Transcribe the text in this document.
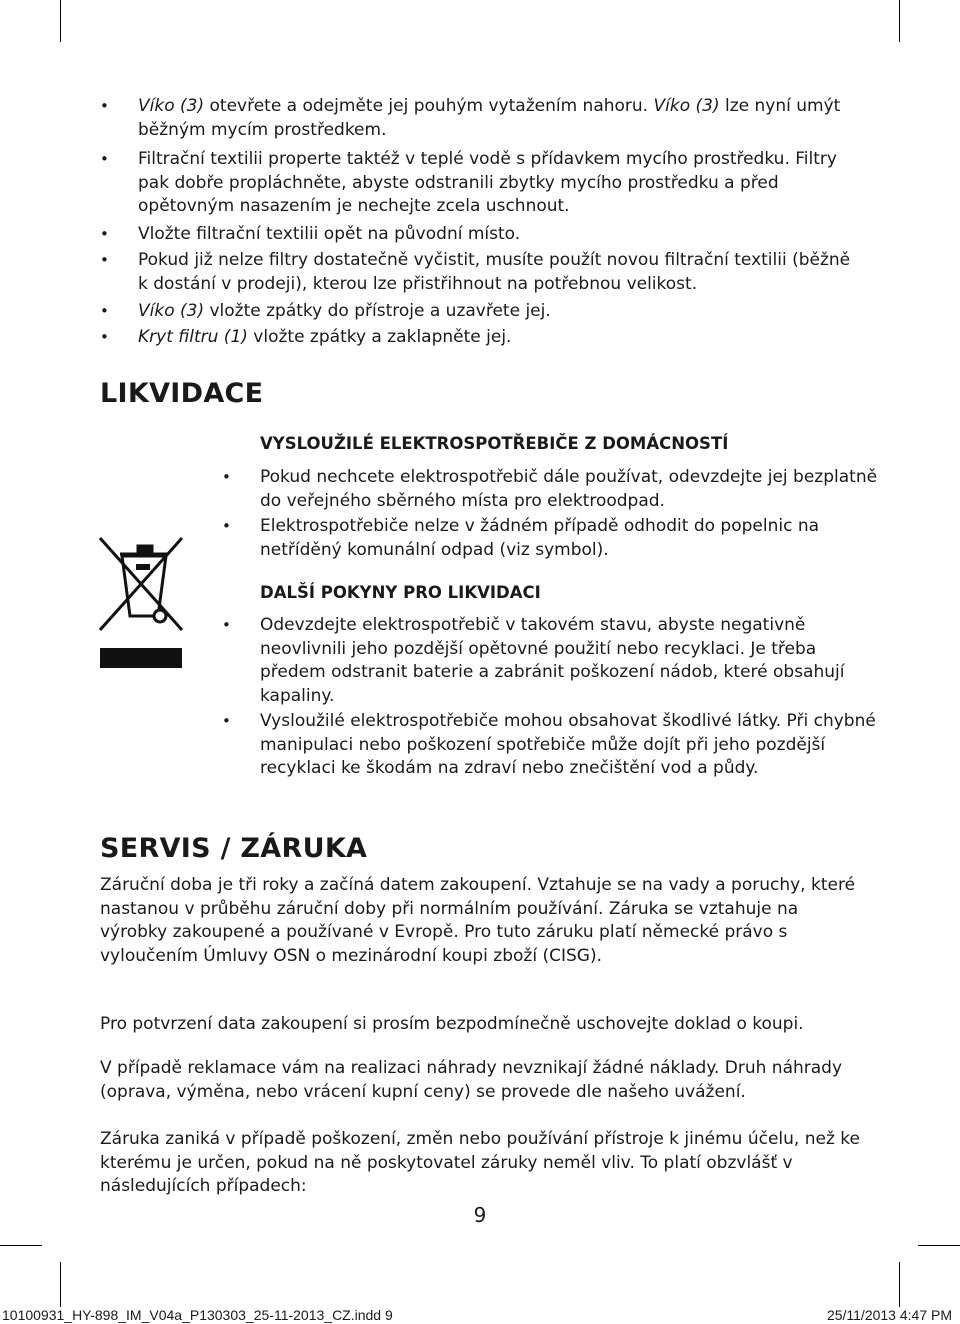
• Víko (3) otevřete a odejměte jej pouhým vytažením nahoru. Víko (3) lze nyní umýt běžným mycím prostředkem.
• Filtrační textilii properte taktéž v teplé vodě s přídavkem mycího prostředku. Filtry pak dobře propláchněte, abyste odstranili zbytky mycího prostředku a před opětovným nasazením je nechejte zcela uschnout.
• Vložte filtrační textilii opět na původní místo.
• Pokud již nelze filtry dostatečně vyčistit, musíte použít novou filtrační textilii (běžně k dostání v prodeji), kterou lze přistřihnout na potřebnou velikost.
• Víko (3) vložte zpátky do přístroje a uzavřete jej.
• Kryt filtru (1) vložte zpátky a zaklapněte jej.
LIKVIDACE
VYSLOUŽILÉ ELEKTROSPOTŘEBIČE Z DOMÁCNOSTÍ
• Pokud nechcete elektrospotřebič dále používat, odevzdejte jej bezplatně do veřejného sběrného místa pro elektroodpad.
• Elektrospotřebiče nelze v žádném případě odhodit do popelnic na netříděný komunální odpad (viz symbol).
DALŠÍ POKYNY PRO LIKVIDACI
• Odevzdejte elektrospotřebič v takovém stavu, abyste negativně neovlivnili jeho pozdější opětovné použití nebo recyklaci. Je třeba předem odstranit baterie a zabránit poškození nádob, které obsahují kapaliny.
• Vysloužilé elektrospotřebiče mohou obsahovat škodlivé látky. Při chybné manipulaci nebo poškození spotřebiče může dojít při jeho pozdější recyklaci ke škodám na zdraví nebo znečištění vod a půdy.
SERVIS / ZÁRUKA
Záruční doba je tři roky a začíná datem zakoupení. Vztahuje se na vady a poruchy, které nastanou v průběhu záruční doby při normálním používání. Záruka se vztahuje na výrobky zakoupené a používané v Evropě. Pro tuto záruku platí německé právo s vyloučením Úmluvy OSN o mezinárodní koupi zboží (CISG).
Pro potvrzení data zakoupení si prosím bezpodmínečně uschovejte doklad o koupi.
V případě reklamace vám na realizaci náhrady nevznikají žádné náklady. Druh náhrady (oprava, výměna, nebo vrácení kupní ceny) se provede dle našeho uvážení.
Záruka zaniká v případě poškození, změn nebo používání přístroje k jinému účelu, než ke kterému je určen, pokud na ně poskytovatel záruky neměl vliv. To platí obzvlášť v následujících případech:
9
10100931_HY-898_IM_V04a_P130303_25-11-2013_CZ.indd 9	25/11/2013 4:47 PM
